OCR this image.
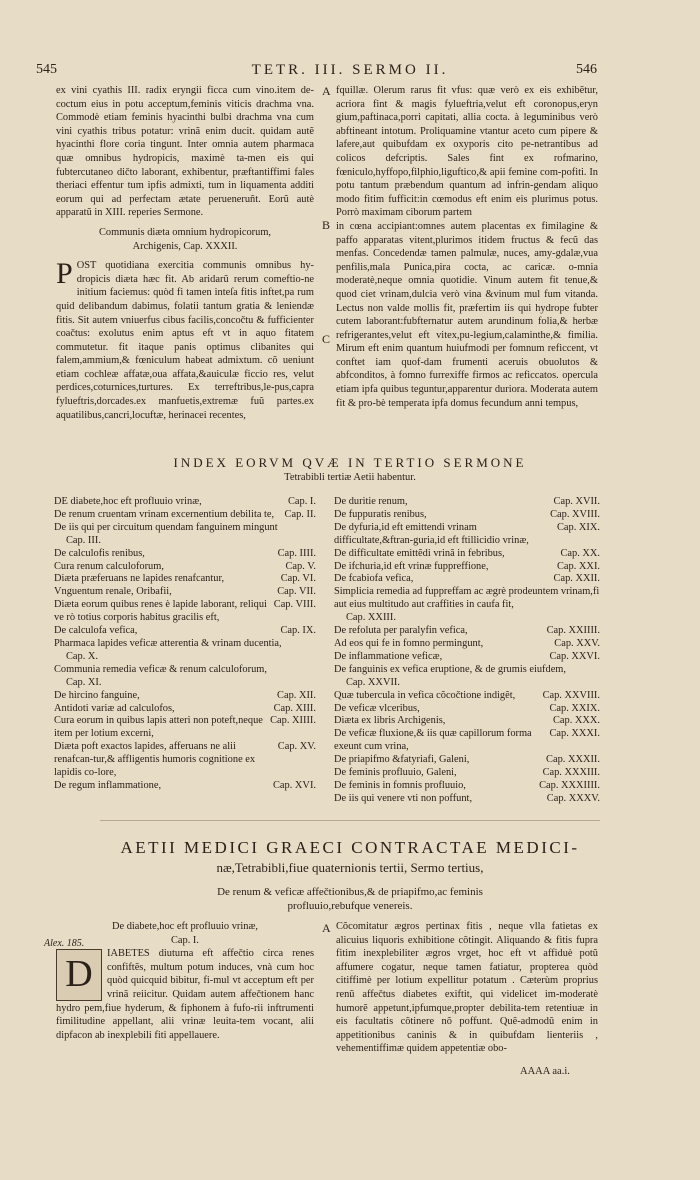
545	TETR. III. SERMO II.	546
A
B
C
A
Alex. 185.

ex vini cyathis III. radix eryngii ficca cum vino.item de-coctum eius in potu acceptum,feminis viticis drachma vna. Commodè etiam feminis hyacinthi bulbi drachma vna cum vini cyathis tribus potatur: vrinã enim ducit. quidam autẽ hyacinthi flore coria tingunt. Inter omnia autem pharmaca quæ omnibus hydropicis, maximè ta-men eis qui fubtercutaneo dičto laborant, exhibentur, præftantiffimi fales theriaci effentur tum ipfis admixti, tum in liquamenta additi eorum qui ad perfectam ætate perueneruñt. Eorũ autè apparatũ in XIII. reperies Sermone.

Communis diæta omnium hydropicorum,
Archigenis, Cap. XXXII.

P OST quotidiana exercitia communis omnibus hy-dropicis diæta hæc fit. Ab aridarũ rerum comeftio-ne initium faciemus: quòd fi tamen inteſa fitis inftet,pa rum quid delibandum dabimus, folatii tantum gratia & leniendæ fitis. Sit autem vniuerfus cibus facilis,concočtu & fufficienter coačtus: exolutus enim aptus eft vt in aquo fitatem commutetur. fit itaque panis optimus clibanites qui falem,ammium,& fœniculum habeat admixtum. cõ ueniunt etiam cochleæ affatæ,oua affata,&auiculæ ficcio res, velut perdices,coturnices,turtures. Ex terreftribus,le-pus,capra fylueftris,dorcades.ex manfuetis,extremæ fuũ partes.ex aquatilibus,cancri,locuftæ, herinacei recentes,

fquillæ. Olerum rarus fit vfus: quæ verò ex eis exhibẽtur, acriora fint & magis fylueftria,velut eft coronopus,eryn gium,paftinaca,porri capitati, allia cocta. à leguminibus verò abftineant intotum. Proliquamine vtantur aceto cum pipere & lafere,aut quibufdam ex oxyporis cito pe-netrantibus ad colicos defcriptis. Sales fint ex rofmarino, fœniculo,hyffopo,filphio,liguftico,& apii femine com-pofiti. In potu tantum præbendum quantum ad infrin-gendam aliquo modo fitim fufficit:in cœmodus eft enim eis plurimus potus. Porrò maximam ciborum partem

in cœna accipiant:omnes autem placentas ex fimilagine & paffo apparatas vitent,plurimos itidem fructus & fecũ das menfas. Concedendæ tamen palmulæ, nuces, amy-gdalæ,vua penfilis,mala Punica,pira cocta, ac caricæ. o-mnia moderatè,neque omnia quotidie. Vinum autem fit tenue,& quod ciet vrinam,dulcia verò vina &vinum mul fum vitanda. Lectus non valde mollis fit, præfertim iis qui hydrope fubter cutem laborant:fubfternatur autem arundinum folia,& herbæ refrigerantes,velut eft vitex,pu-legium,calaminthe,& fimilia. Mirum eft enim quantum huiufmodi per fomnum reficcent, vt conftet iam quof-dam frumenti aceruis obuolutos & abfconditos, à fomno furrexiffe firmos ac reficcatos. opercula etiam ipfa quibus teguntur,apparentur duriora. Moderata autem fit & pro-bè temperata ipfa domus fecundum anni tempus,

INDEX EORVM QVÆ IN TERTIO SERMONE
Tetrabibli tertiæ Aetii habentur.
DE diabete,hoc eft profluuio vrinæ,	Cap. I.
De renum cruentam vrinam excernentium debilita te, Cap. II.
De iis qui per circuitum quendam fanguinem mingunt
Cap. III.
De calculofis renibus,	Cap. IIII.
Cura renum calculoforum,	Cap. V.
Diæta præferuans ne lapides renafcantur,	Cap. VI.
Vnguentum renale, Oribafii,	Cap. VII.
Diæta eorum quibus renes è lapide laborant, reliqui ve rò totius corporis habitus gracilis eft,
Cap. VIII.
De calculofa vefica,	Cap. IX.
Pharmaca lapides veficæ atterentia & vrinam ducentia,
Cap. X.
Communia remedia veficæ & renum calculoforum,
Cap. XI.
De hircino fanguine,	Cap. XII.
Antidoti variæ ad calculofos,	Cap. XIII.
Cura eorum in quibus lapis atteri non poteft,neque item per lotium excerni,
Cap. XIIII.
Diæta poft exactos lapides, afferuans ne alii renafcan-tur,& affligentis humoris cognitione ex lapidis co-lore,
Cap. XV.
De regum inflammatione,	Cap. XVI.
De duritie renum,	Cap. XVII.
De fuppuratis renibus,	Cap. XVIII.
De dyfuria,id eft emittendi vrinam difficultate,&ftran-guria,id eft ftillicidio vrinæ,
Cap. XIX.
De difficultate emittẽdi vrinã in febribus,	Cap. XX.
De ifchuria,id eft vrinæ fuppreffione,	Cap. XXI.
De fcabiofa vefica,	Cap. XXII.
Simplicia remedia ad fuppreffam ac ægrè prodeuntem vrinam,fi aut eius multitudo aut craffities in caufa fit,
Cap. XXIII.
De refoluta per paralyfin vefica,	Cap. XXIIII.
Ad eos qui fe in fomno permingunt,	Cap. XXV.
De inflammatione veficæ,	Cap. XXVI.
De fanguinis ex vefica eruptione, & de grumis eiufdem,
Cap. XXVII.
Quæ tubercula in vefica cõcočtione indigẽt,	Cap. XXVIII.
De veficæ vlceribus,	Cap. XXIX.
Diæta ex libris Archigenis,	Cap. XXX.
De veficæ fluxione,& iis quæ capillorum forma exeunt cum vrina,
Cap. XXXI.
De priapifmo &fatyriafi, Galeni,	Cap. XXXII.
De feminis profluuio, Galeni,	Cap. XXXIII.
De feminis in fomnis profluuio,	Cap. XXXIIII.
De iis qui venere vti non poffunt,	Cap. XXXV.
AETII MEDICI GRAECI CONTRACTAE MEDICI-
næ,Tetrabibli,fiue quaternionis tertii, Sermo tertius,
De renum & veficæ affečtionibus,& de priapifmo,ac feminis
profluuio,rebufque venereis.
De diabete,hoc eft profluuio vrinæ,
Cap. I.

D	IABETES diuturna eft affečtio circa renes confiftẽs, multum potum induces, vnà cum hoc quòd quicquid bibitur, fi-mul vt acceptum eft per vrinã reiicitur. Quidam autem affečtionem hanc hydro pem,fiue hyderum, & fiphonem à fufo-rii inftrumenti fimilitudine appellant, alii vrinæ leuita-tem vocant, alii dipfacon ab inexplebili fiti appellauere.

Cõcomitatur ægros pertinax fitis , neque vlla fatietas ex alicuius liquoris exhibitione cõtingit. Aliquando & fitis fupra fitim inexplebiliter ægros vrget, hoc eft vt affiduè potũ affumere cogatur, neque tamen fatiatur, propterea quòd citiffimè per lotium expellitur potatum . Cæterùm proprius renũ affečtus diabetes exiftit, qui videlicet im-moderatè humorẽ appetunt,ipfumque,propter debilita-tem retentiuæ in eis facultatis cõtinere nõ poffunt. Quẽ-admodũ enim in appetitionibus caninis & in quibufdam lienteriis , vehementiffimæ quidem appetentiæ obo-

AAAA aa.i.
